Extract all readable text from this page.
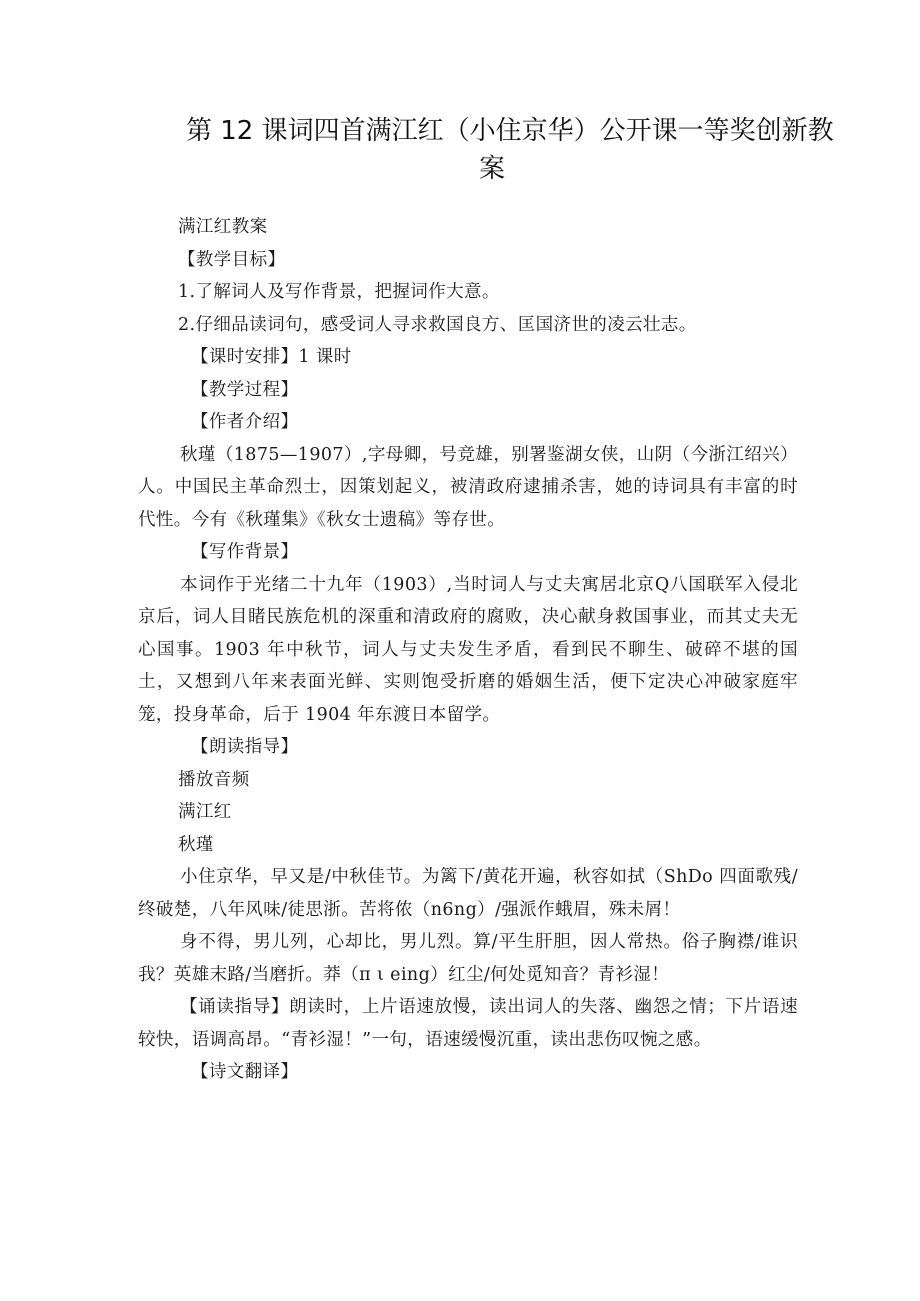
第 12 课词四首满江红（小住京华）公开课一等奖创新教
案

满江红教案

【教学目标】

1.了解词人及写作背景，把握词作大意。

2.仔细品读词句，感受词人寻求救国良方、匡国济世的凌云壮志。

【课时安排】1 课时

【教学过程】

【作者介绍】

秋瑾（1875—1907）,字母卿，号竞雄，别署鉴湖女侠，山阴（今浙江绍兴）人。中国民主革命烈士，因策划起义，被清政府逮捕杀害，她的诗词具有丰富的时代性。今有《秋瑾集》《秋女士遗稿》等存世。

【写作背景】

本词作于光绪二十九年（1903）,当时词人与丈夫寓居北京Q八国联军入侵北京后，词人目睹民族危机的深重和清政府的腐败，决心献身救国事业，而其丈夫无心国事。1903 年中秋节，词人与丈夫发生矛盾，看到民不聊生、破碎不堪的国土，又想到八年来表面光鲜、实则饱受折磨的婚姻生活，便下定决心冲破家庭牢笼，投身革命，后于 1904 年东渡日本留学。

【朗读指导】

播放音频

满江红

秋瑾

小住京华，早又是/中秋佳节。为篱下/黄花开遍，秋容如拭（ShDo 四面歌残/终破楚，八年风味/徒思浙。苦将侬（n6ng）/强派作蛾眉，殊未屑！

身不得，男儿列，心却比，男儿烈。算/平生肝胆，因人常热。俗子胸襟/谁识我？英雄末路/当磨折。莽（π ι eing）红尘/何处觅知音？青衫湿！

【诵读指导】朗读时，上片语速放慢，读出词人的失落、幽怨之情；下片语速较快，语调高昂。“青衫湿！”一句，语速缓慢沉重，读出悲伤叹惋之感。

【诗文翻译】
